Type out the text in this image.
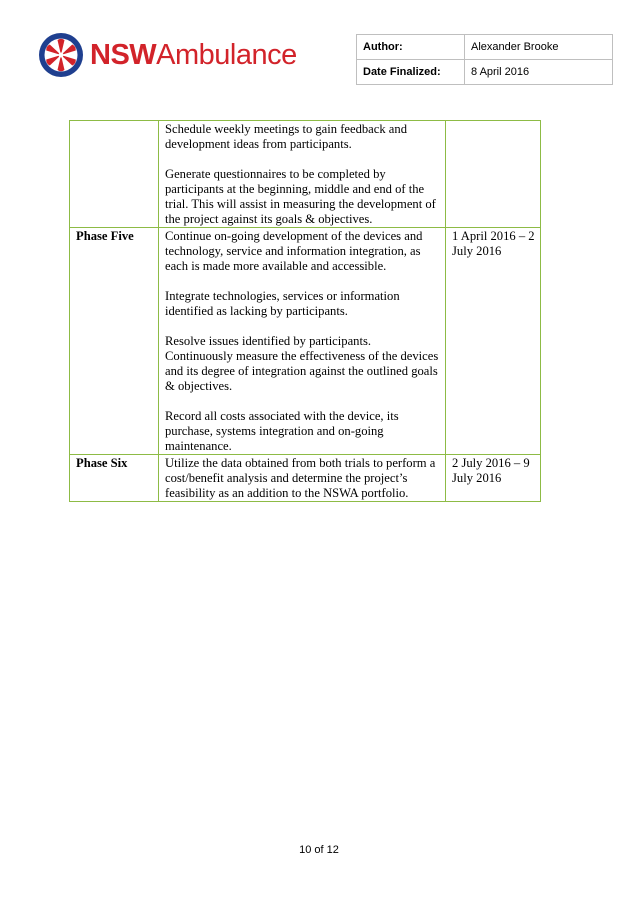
NSWAmbulance	Author:	Alexander Brooke
Date Finalized:	8 April 2016

	Schedule weekly meetings to gain feedback and development ideas from participants.

Generate questionnaires to be completed by participants at the beginning, middle and end of the trial. This will assist in measuring the development of the project against its goals & objectives.	

Phase Five	Continue on-going development of the devices and technology, service and information integration, as each is made more available and accessible.

Integrate technologies, services or information identified as lacking by participants.

Resolve issues identified by participants. Continuously measure the effectiveness of the devices and its degree of integration against the outlined goals & objectives.

Record all costs associated with the device, its purchase, systems integration and on-going maintenance.	1 April 2016 – 2 July 2016
Phase Six	Utilize the data obtained from both trials to perform a cost/benefit analysis and determine the project’s feasibility as an addition to the NSWA portfolio.	2 July 2016 – 9 July 2016
10 of 12
